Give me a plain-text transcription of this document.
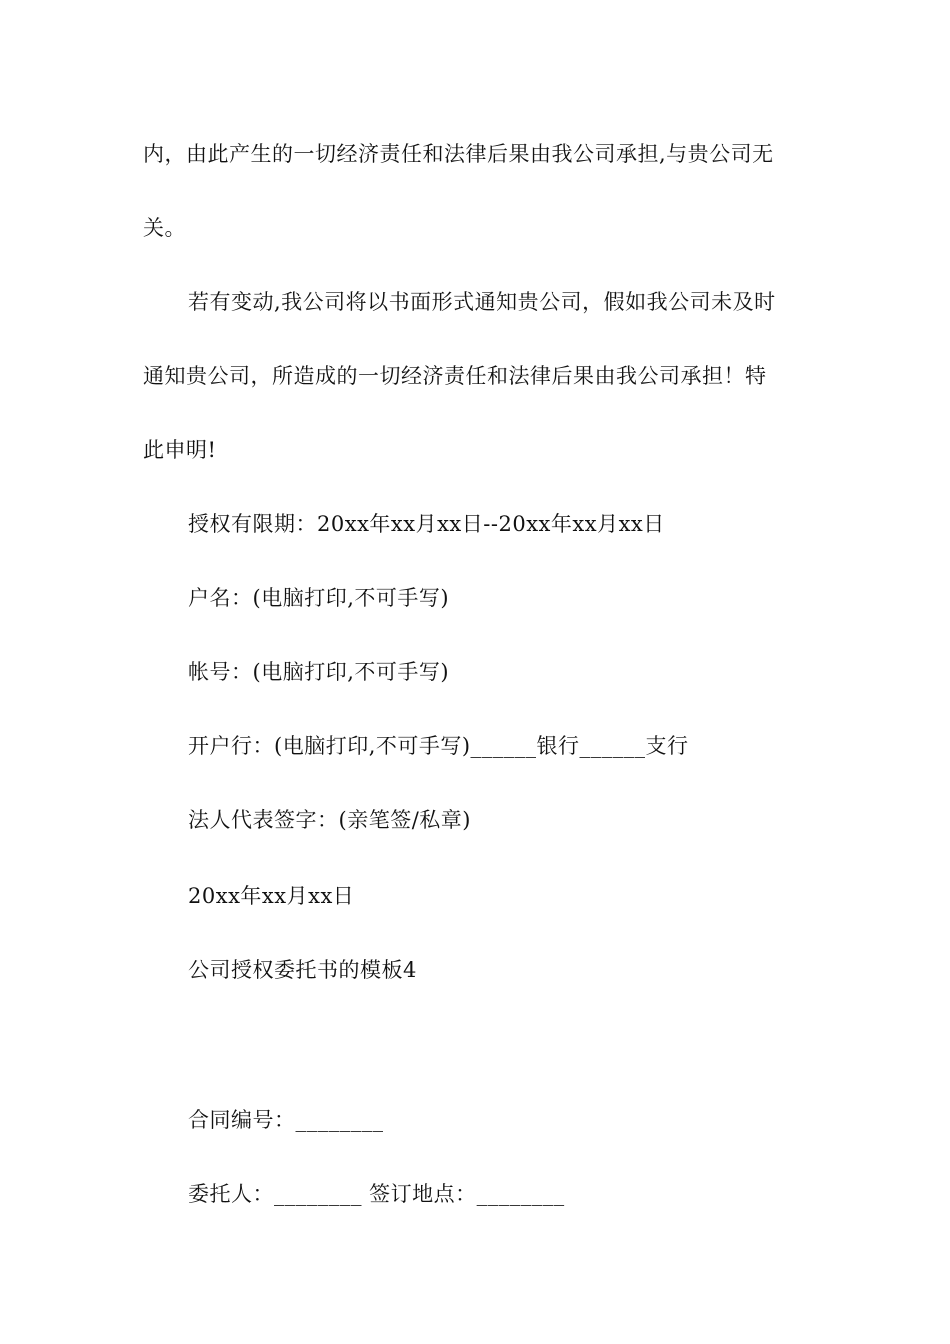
内，由此产生的一切经济责任和法律后果由我公司承担,与贵公司无
关。
若有变动,我公司将以书面形式通知贵公司，假如我公司未及时
通知贵公司，所造成的一切经济责任和法律后果由我公司承担！特
此申明!
授权有限期：20xx年xx月xx日--20xx年xx月xx日
户名：(电脑打印,不可手写)
帐号：(电脑打印,不可手写)
开户行：(电脑打印,不可手写)______银行______支行
法人代表签字：(亲笔签/私章)
20xx年xx月xx日
公司授权委托书的模板4
合同编号：________
委托人：________ 签订地点：________
